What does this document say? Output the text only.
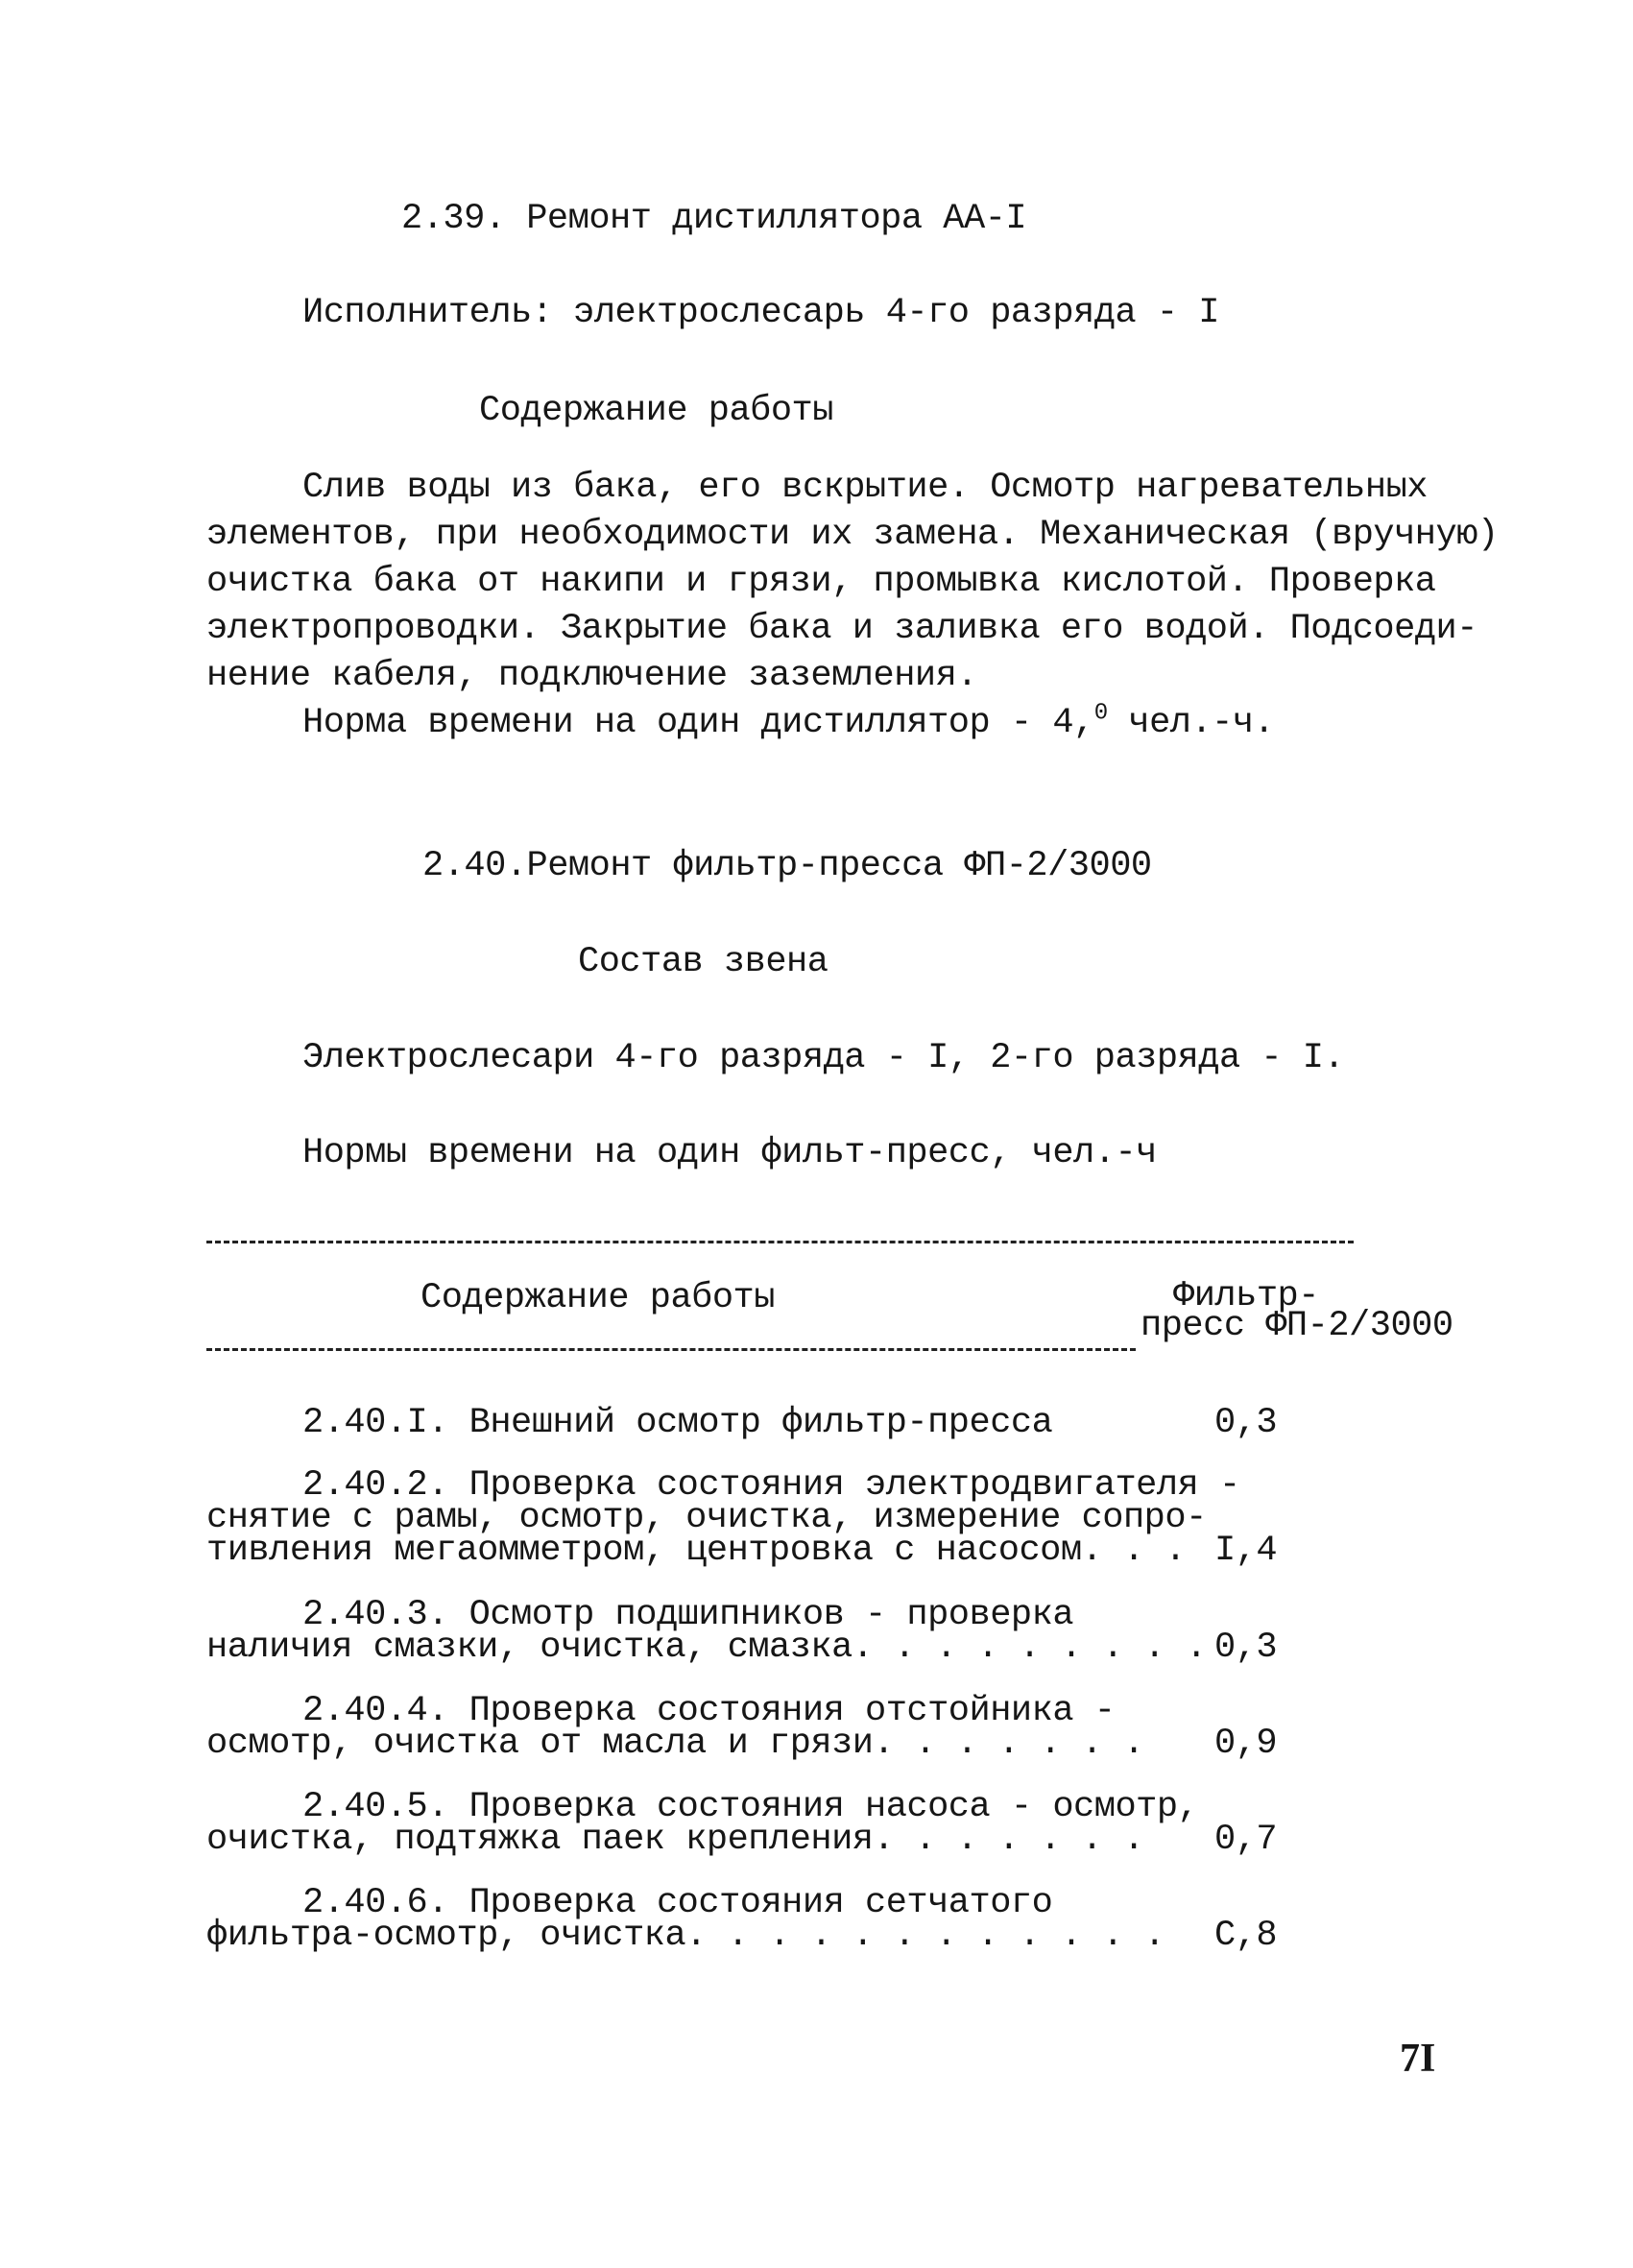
2.39. Ремонт дистиллятора АА-I
Исполнитель: электрослесарь 4-го разряда - I
Содержание работы
Слив воды из бака, его вскрытие. Осмотр нагревательных
элементов, при необходимости их замена. Механическая (вручную)
очистка бака от накипи и грязи, промывка кислотой. Проверка
электропроводки. Закрытие бака и заливка его водой. Подсоеди-
нение кабеля, подключение заземления.
Норма времени на один дистиллятор - 4,$^0$ чел.-ч.
2.40.Ремонт фильтр-пресса ФП-2/3000
Состав звена
Электрослесари 4-го разряда - I, 2-го разряда - I.
Нормы времени на один фильт-пресс, чел.-ч
Содержание работы	Фильтр-
пресс ФП-2/3000
2.40.I. Внешний осмотр фильтр-пресса	0,3
2.40.2. Проверка состояния электродвигателя -
снятие с рамы, осмотр, очистка, измерение сопро-
тивления мегаомметром, центровка с насосом. . . I,4
2.40.3. Осмотр подшипников - проверка
наличия смазки, очистка, смазка. . . . . . . . . 0,3
2.40.4. Проверка состояния отстойника -
осмотр, очистка от масла и грязи. . . . . . .	0,9
2.40.5. Проверка состояния насоса - осмотр,
очистка, подтяжка паек крепления. . . . . . .	0,7
2.40.6. Проверка состояния сетчатого
фильтра-осмотр, очистка. . . . . . . . . . . .	С,8
7I
